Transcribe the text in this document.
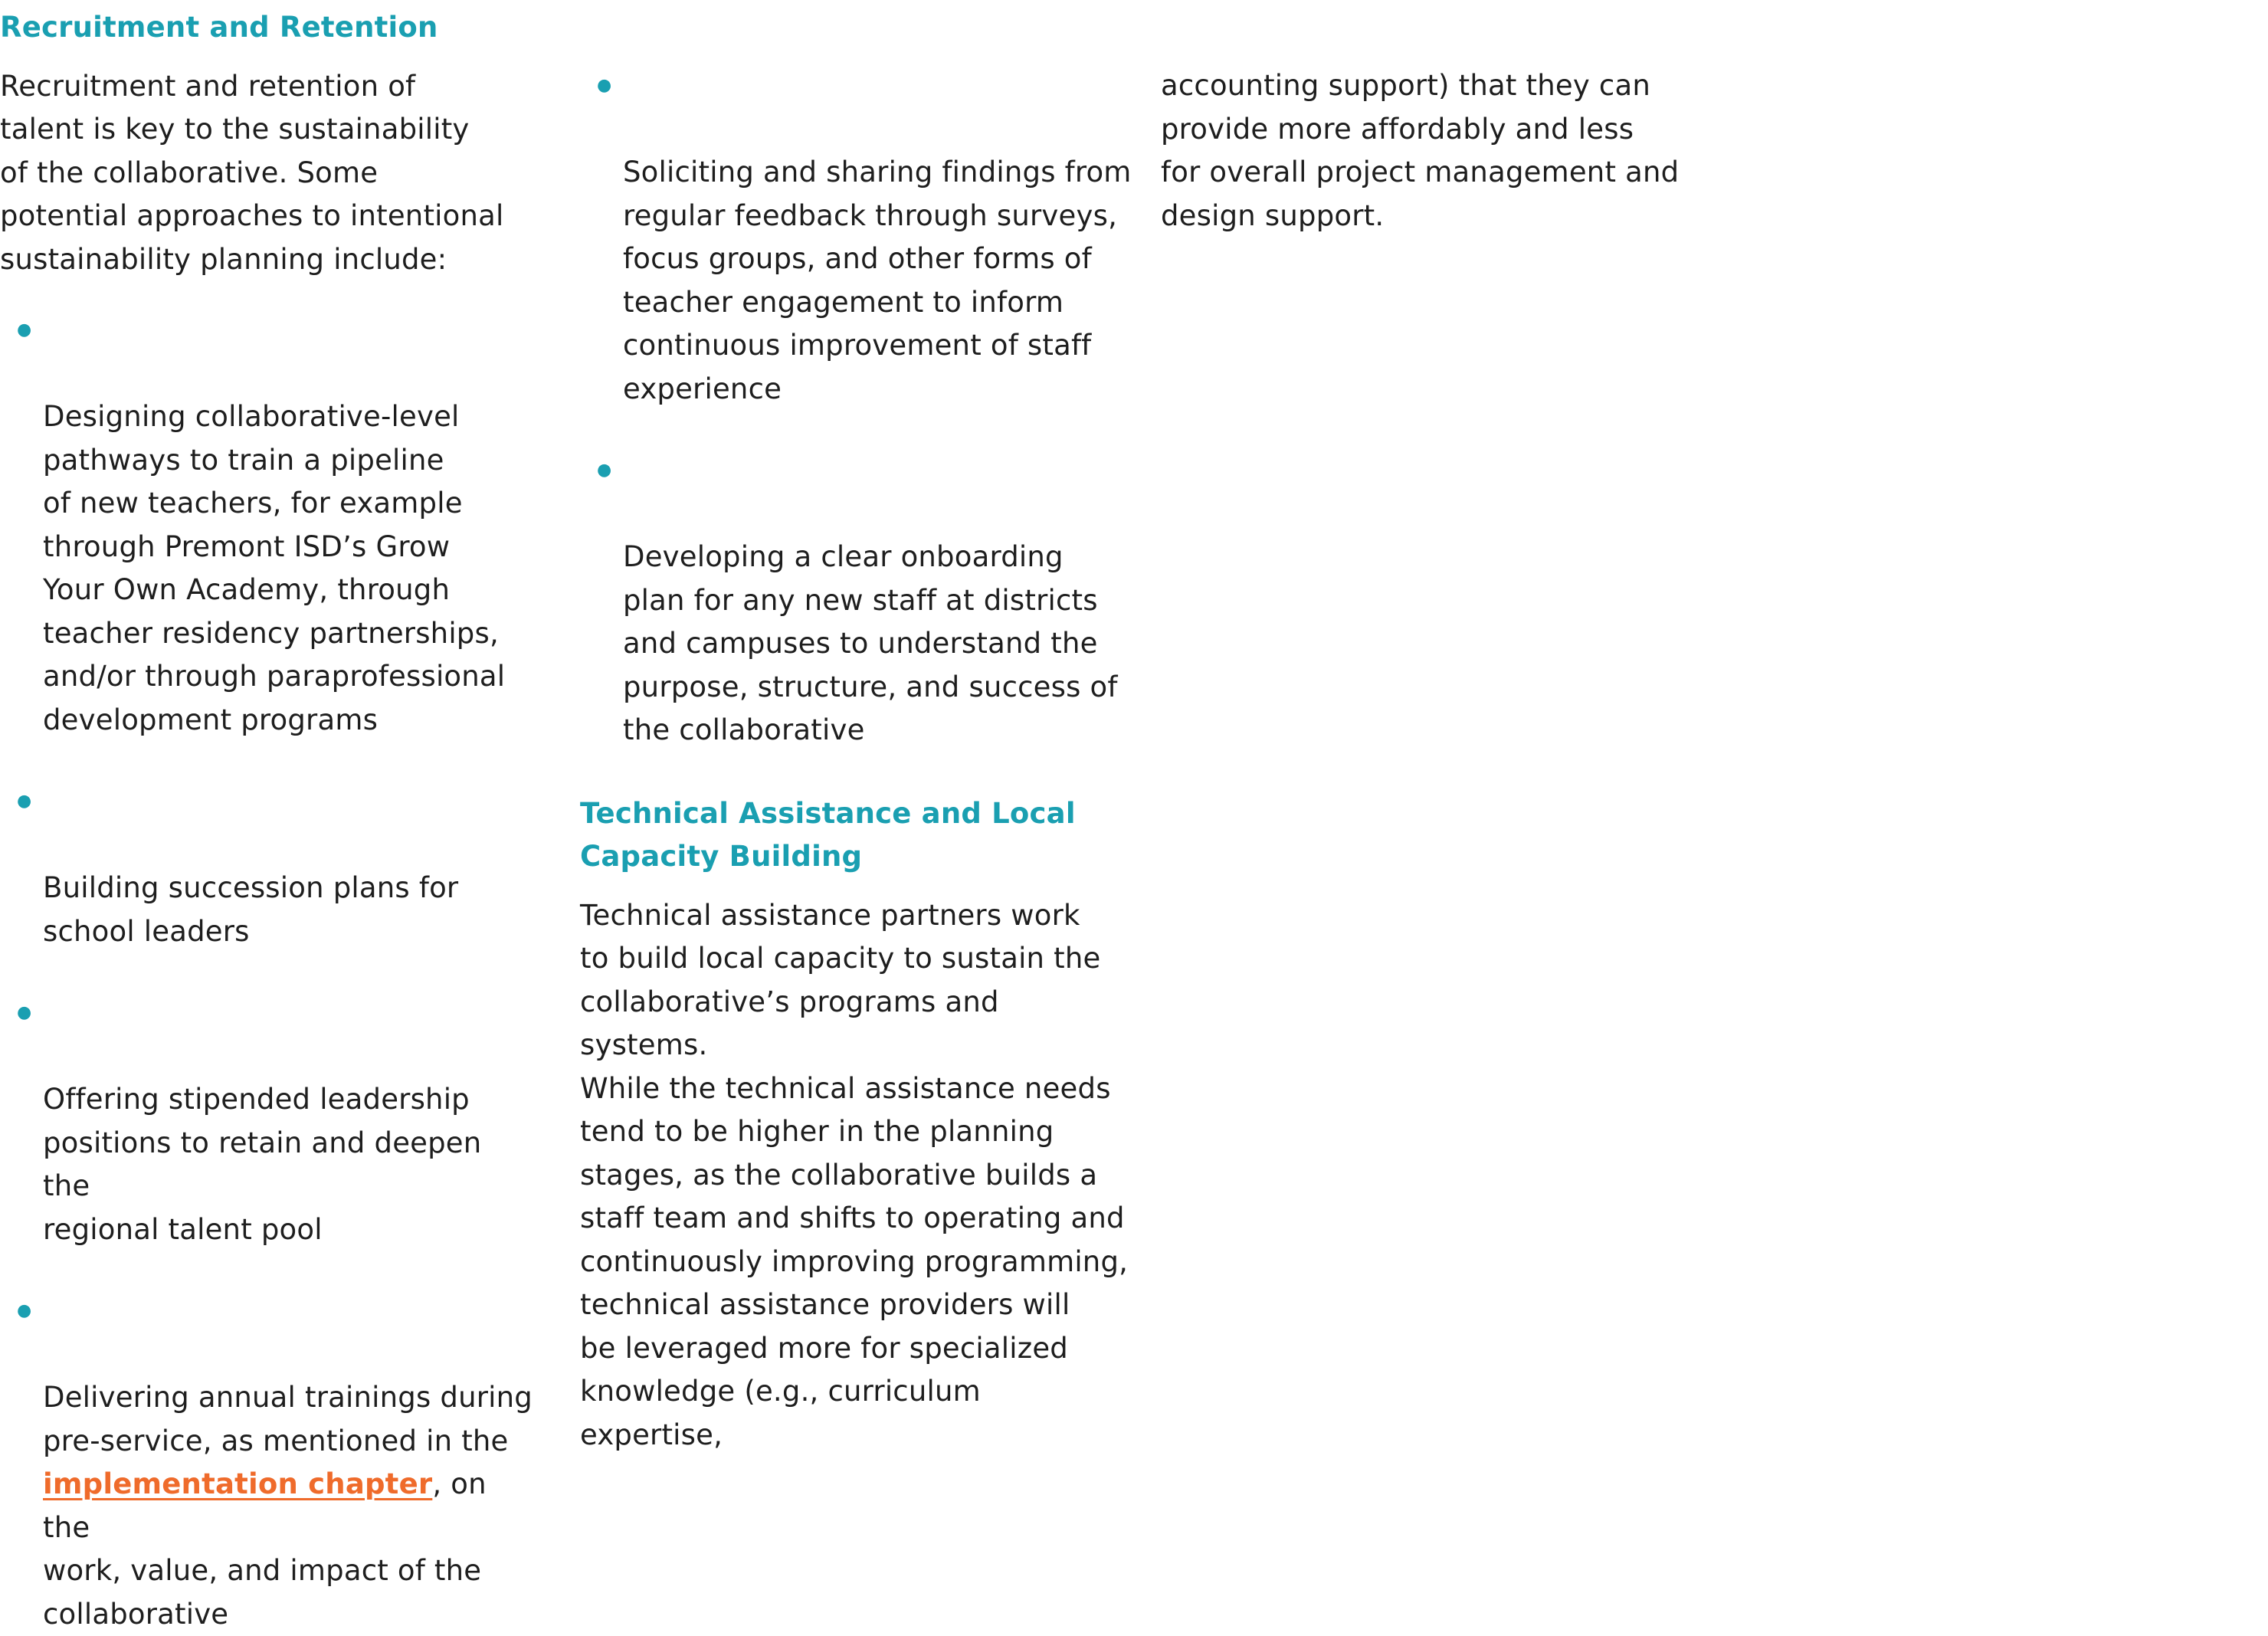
Recruitment and Retention

Recruitment and retention of
talent is key to the sustainability
of the collaborative. Some
potential approaches to intentional
sustainability planning include:

●

Designing collaborative-level
pathways to train a pipeline
of new teachers, for example
through Premont ISD’s Grow
Your Own Academy, through
teacher residency partnerships,
and/or through paraprofessional
development programs

●

Building succession plans for
school leaders

●

Offering stipended leadership
positions to retain and deepen the
regional talent pool

●

Delivering annual trainings during
pre-service, as mentioned in the
implementation chapter, on the
work, value, and impact of the
collaborative

●

Soliciting and sharing findings from
regular feedback through surveys,
focus groups, and other forms of
teacher engagement to inform
continuous improvement of staff
experience

●

Developing a clear onboarding
plan for any new staff at districts
and campuses to understand the
purpose, structure, and success of
the collaborative

Technical Assistance and Local
Capacity Building

Technical assistance partners work
to build local capacity to sustain the
collaborative’s programs and systems.
While the technical assistance needs
tend to be higher in the planning
stages, as the collaborative builds a
staff team and shifts to operating and
continuously improving programming,
technical assistance providers will
be leveraged more for specialized
knowledge (e.g., curriculum expertise,

accounting support) that they can
provide more affordably and less
for overall project management and
design support.
